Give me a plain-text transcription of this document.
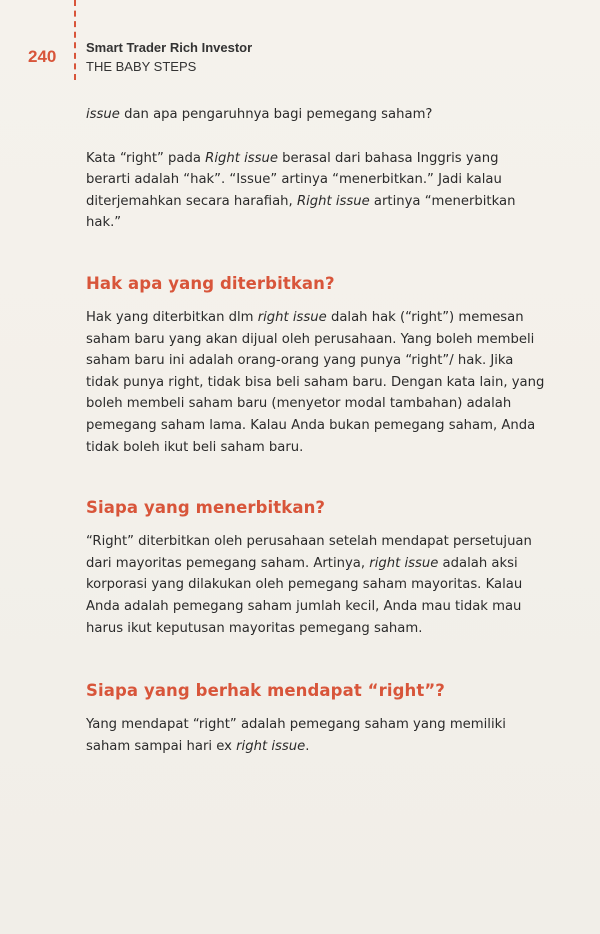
240 Smart Trader Rich Investor
THE BABY STEPS

issue dan apa pengaruhnya bagi pemegang saham?

Kata “right” pada Right issue berasal dari bahasa Inggris yang berarti adalah “hak”. “Issue” artinya “menerbitkan.” Jadi kalau diterjemahkan secara harafiah, Right issue artinya “menerbitkan hak.”

Hak apa yang diterbitkan?

Hak yang diterbitkan dlm right issue dalah hak (“right”) memesan saham baru yang akan dijual oleh perusahaan. Yang boleh membeli saham baru ini adalah orang-orang yang punya “right”/ hak. Jika tidak punya right, tidak bisa beli saham baru. Dengan kata lain, yang boleh membeli saham baru (menyetor modal tambahan) adalah pemegang saham lama. Kalau Anda bukan pemegang saham, Anda tidak boleh ikut beli saham baru.

Siapa yang menerbitkan?

“Right” diterbitkan oleh perusahaan setelah mendapat persetujuan dari mayoritas pemegang saham. Artinya, right issue adalah aksi korporasi yang dilakukan oleh pemegang saham mayoritas. Kalau Anda adalah pemegang saham jumlah kecil, Anda mau tidak mau harus ikut keputusan mayoritas pemegang saham.

Siapa yang berhak mendapat “right”?

Yang mendapat “right” adalah pemegang saham yang memiliki saham sampai hari ex right issue.
